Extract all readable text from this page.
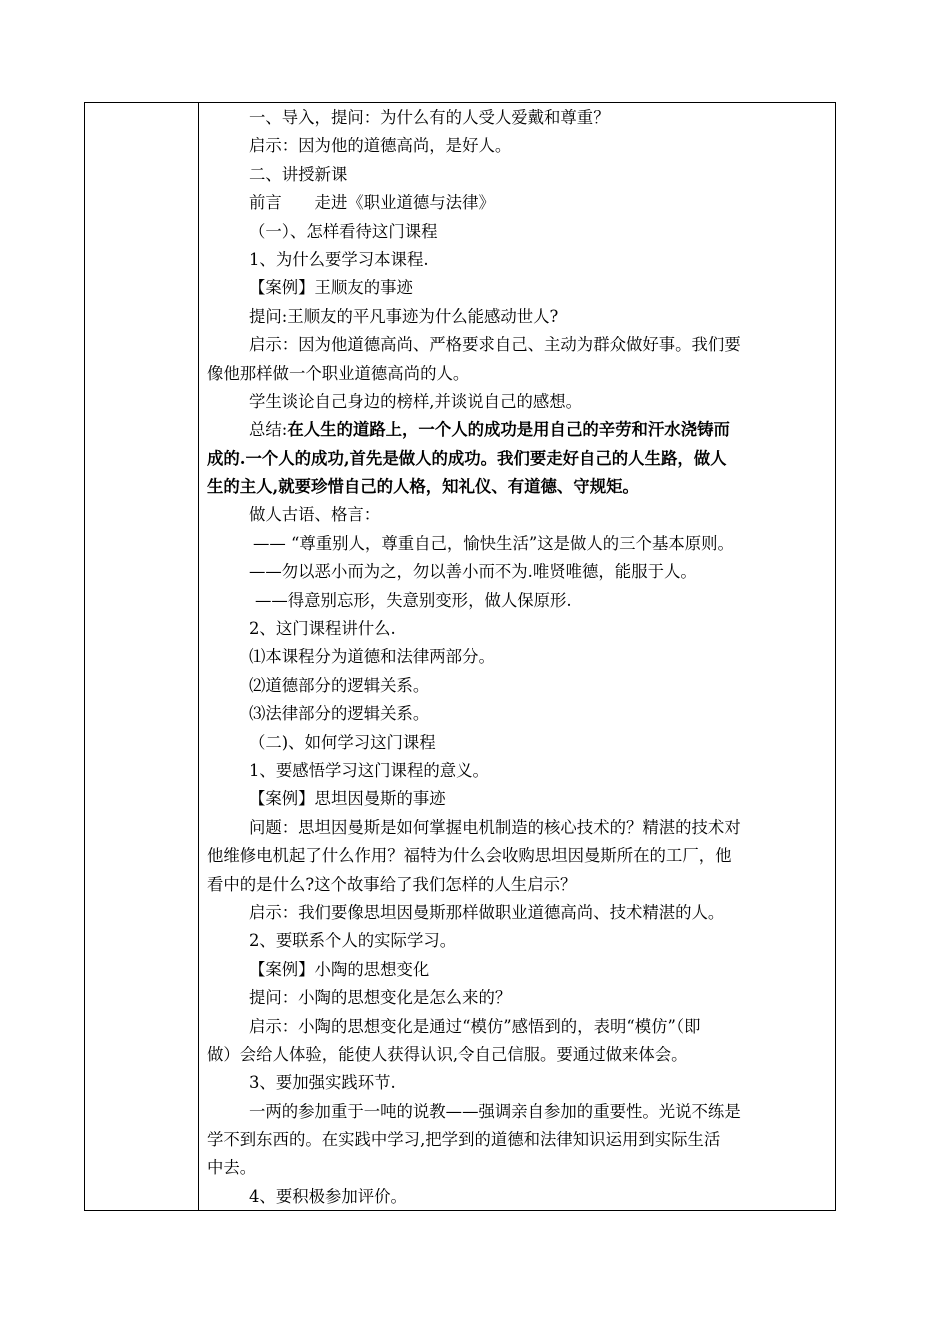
一、导入，提问：为什么有的人受人爱戴和尊重？
启示：因为他的道德高尚，是好人。
二、讲授新课
前言　　走进《职业道德与法律》
（一）、怎样看待这门课程
1、为什么要学习本课程.
【案例】王顺友的事迹
提问:王顺友的平凡事迹为什么能感动世人?
启示：因为他道德高尚、严格要求自己、主动为群众做好事。我们要
像他那样做一个职业道德高尚的人。
学生谈论自己身边的榜样,并谈说自己的感想。
总结:在人生的道路上，一个人的成功是用自己的辛劳和汗水浇铸而
成的.一个人的成功,首先是做人的成功。我们要走好自己的人生路，做人
生的主人,就要珍惜自己的人格，知礼仪、有道德、守规矩。
做人古语、格言：
—— “尊重别人，尊重自己，愉快生活”这是做人的三个基本原则。
——勿以恶小而为之，勿以善小而不为.唯贤唯德，能服于人。
——得意别忘形，失意别变形，做人保原形.
2、这门课程讲什么.
⑴本课程分为道德和法律两部分。
⑵道德部分的逻辑关系。
⑶法律部分的逻辑关系。
（二)、如何学习这门课程
1、要感悟学习这门课程的意义。
【案例】思坦因曼斯的事迹
问题：思坦因曼斯是如何掌握电机制造的核心技术的？精湛的技术对
他维修电机起了什么作用？福特为什么会收购思坦因曼斯所在的工厂，他
看中的是什么?这个故事给了我们怎样的人生启示？
启示：我们要像思坦因曼斯那样做职业道德高尚、技术精湛的人。
2、要联系个人的实际学习。
【案例】小陶的思想变化
提问：小陶的思想变化是怎么来的？
启示：小陶的思想变化是通过“模仿”感悟到的，表明“模仿”（即
做）会给人体验，能使人获得认识,令自己信服。要通过做来体会。
3、要加强实践环节.
一两的参加重于一吨的说教——强调亲自参加的重要性。光说不练是
学不到东西的。在实践中学习,把学到的道德和法律知识运用到实际生活
中去。
4、要积极参加评价。
